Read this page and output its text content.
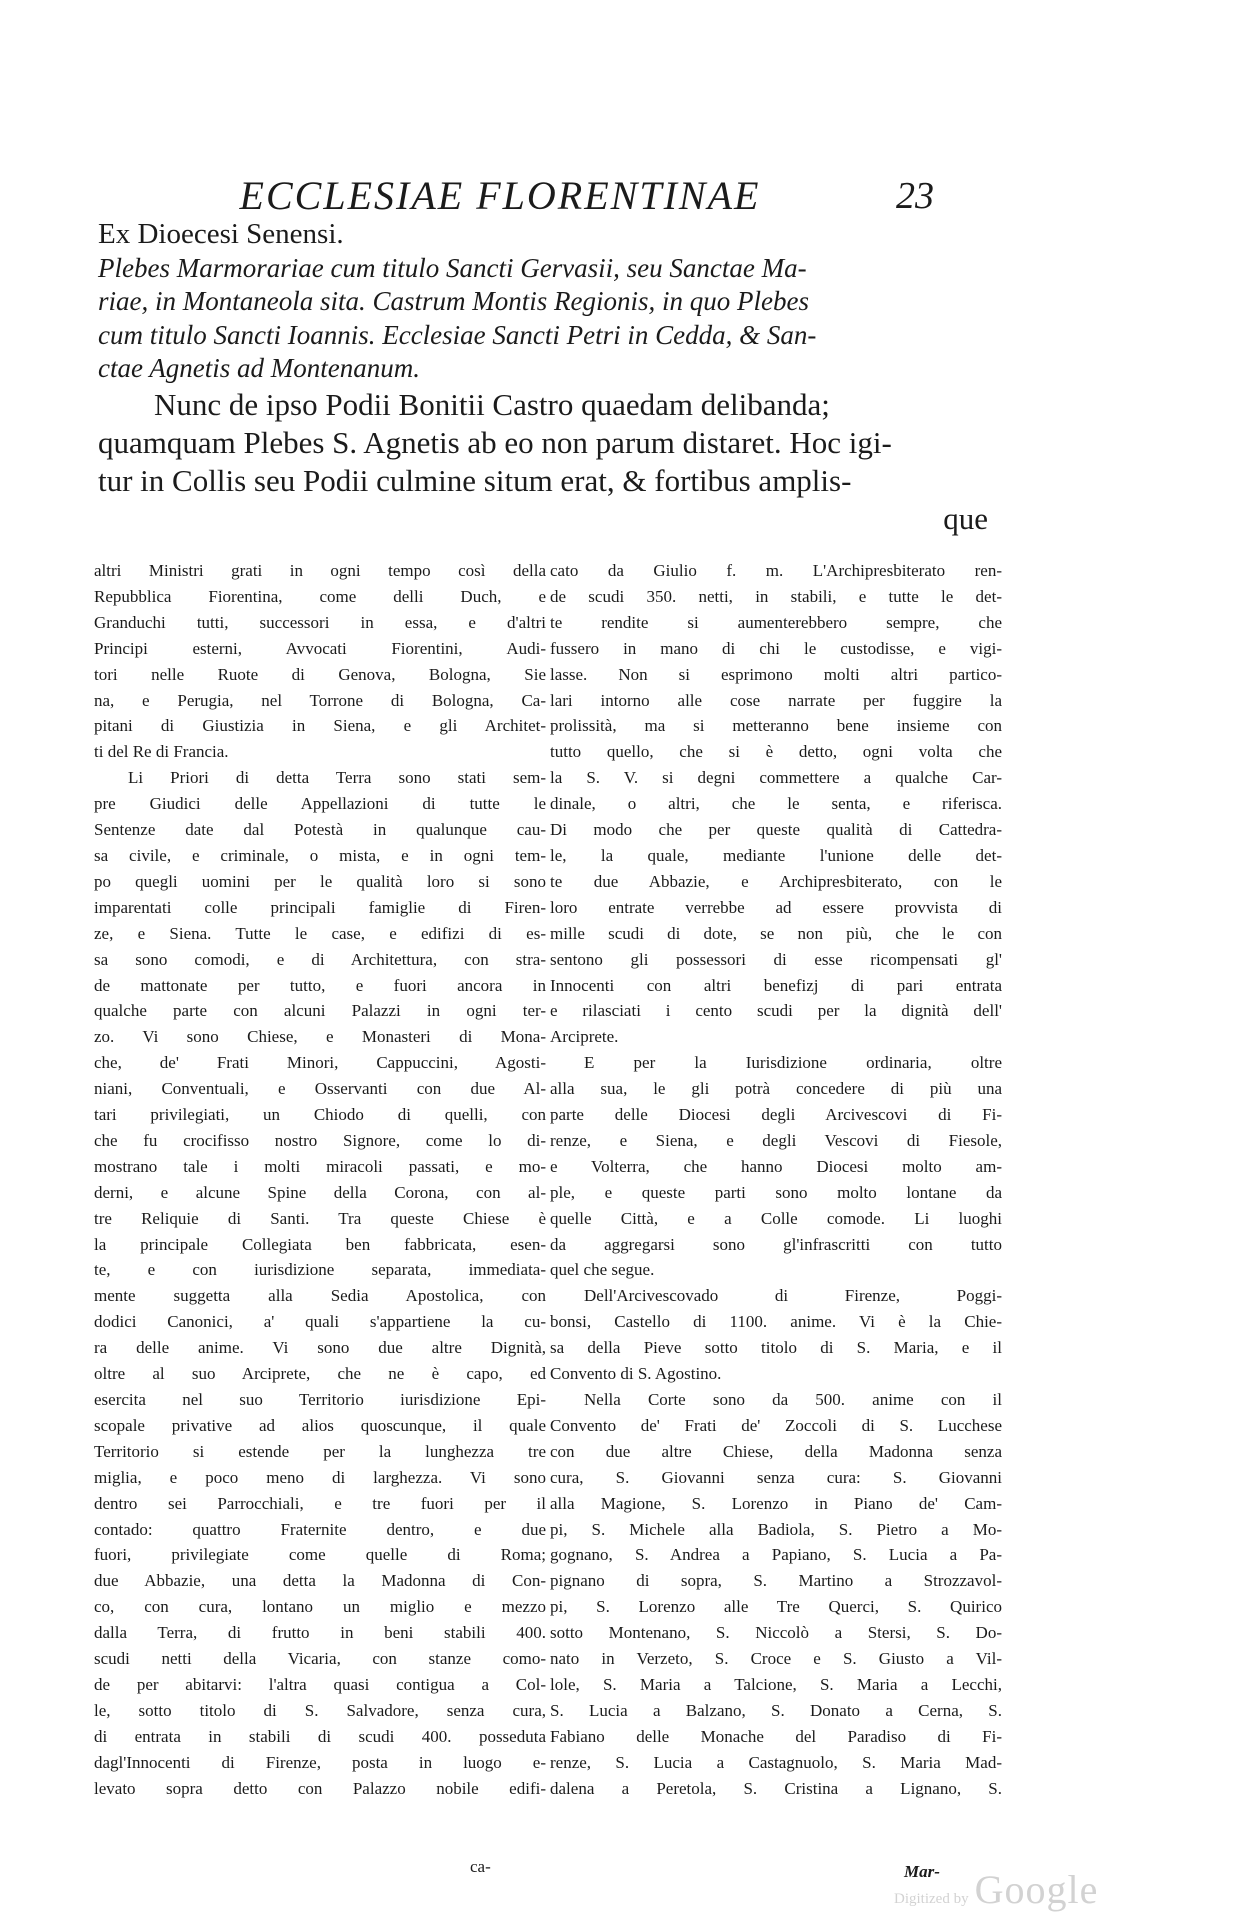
ECCLESIAE FLORENTINAE	23

Ex Dioecesi Senensi.

Plebes Marmorariae cum titulo Sancti Gervasii, seu Sanctae Ma-
riae, in Montaneola sita. Castrum Montis Regionis, in quo Plebes
cum titulo Sancti Ioannis. Ecclesiae Sancti Petri in Cedda, & San-
ctae Agnetis ad Montenanum.

Nunc de ipso Podii Bonitii Castro quaedam delibanda;
quamquam Plebes S. Agnetis ab eo non parum distaret. Hoc igi-
tur in Collis seu Podii culmine situm erat, & fortibus amplis-
que

altri Ministri grati in ogni tempo così della
Repubblica Fiorentina, come delli Duch, e
Granduchi tutti, successori in essa, e d'altri
Principi esterni, Avvocati Fiorentini, Audi-
tori nelle Ruote di Genova, Bologna, Sie
na, e Perugia, nel Torrone di Bologna, Ca-
pitani di Giustizia in Siena, e gli Architet-
ti del Re di Francia.
Li Priori di detta Terra sono stati sem-
pre Giudici delle Appellazioni di tutte le
Sentenze date dal Potestà in qualunque cau-
sa civile, e criminale, o mista, e in ogni tem-
po quegli uomini per le qualità loro si sono
imparentati colle principali famiglie di Firen-
ze, e Siena. Tutte le case, e edifizi di es-
sa sono comodi, e di Architettura, con stra-
de mattonate per tutto, e fuori ancora in
qualche parte con alcuni Palazzi in ogni ter-
zo. Vi sono Chiese, e Monasteri di Mona-
che, de' Frati Minori, Cappuccini, Agosti-
niani, Conventuali, e Osservanti con due Al-
tari privilegiati, un Chiodo di quelli, con
che fu crocifisso nostro Signore, come lo di-
mostrano tale i molti miracoli passati, e mo-
derni, e alcune Spine della Corona, con al-
tre Reliquie di Santi. Tra queste Chiese è
la principale Collegiata ben fabbricata, esen-
te, e con iurisdizione separata, immediata-
mente suggetta alla Sedia Apostolica, con
dodici Canonici, a' quali s'appartiene la cu-
ra delle anime. Vi sono due altre Dignità,
oltre al suo Arciprete, che ne è capo, ed
esercita nel suo Territorio iurisdizione Epi-
scopale privative ad alios quoscunque, il quale
Territorio si estende per la lunghezza tre
miglia, e poco meno di larghezza. Vi sono
dentro sei Parrocchiali, e tre fuori per il
contado: quattro Fraternite dentro, e due
fuori, privilegiate come quelle di Roma;
due Abbazie, una detta la Madonna di Con-
co, con cura, lontano un miglio e mezzo
dalla Terra, di frutto in beni stabili 400.
scudi netti della Vicaria, con stanze como-
de per abitarvi: l'altra quasi contigua a Col-
le, sotto titolo di S. Salvadore, senza cura,
di entrata in stabili di scudi 400. posseduta
dagl'Innocenti di Firenze, posta in luogo e-
levato sopra detto con Palazzo nobile edifi-
cato da Giulio f. m. L'Archipresbiterato ren-
de scudi 350. netti, in stabili, e tutte le det-
te rendite si aumenterebbero sempre, che
fussero in mano di chi le custodisse, e vigi-
lasse. Non si esprimono molti altri partico-
lari intorno alle cose narrate per fuggire la
prolissità, ma si metteranno bene insieme con
tutto quello, che si è detto, ogni volta che
la S. V. si degni commettere a qualche Car-
dinale, o altri, che le senta, e riferisca.
Di modo che per queste qualità di Cattedra-
le, la quale, mediante l'unione delle det-
te due Abbazie, e Archipresbiterato, con le
loro entrate verrebbe ad essere provvista di
mille scudi di dote, se non più, che le con
sentono gli possessori di esse ricompensati gl'
Innocenti con altri benefizj di pari entrata
e rilasciati i cento scudi per la dignità dell'
Arciprete.
E per la Iurisdizione ordinaria, oltre
alla sua, le gli potrà concedere di più una
parte delle Diocesi degli Arcivescovi di Fi-
renze, e Siena, e degli Vescovi di Fiesole,
e Volterra, che hanno Diocesi molto am-
ple, e queste parti sono molto lontane da
quelle Città, e a Colle comode. Li luoghi
da aggregarsi sono gl'infrascritti con tutto
quel che segue.
Dell'Arcivescovado di Firenze, Poggi-
bonsi, Castello di 1100. anime. Vi è la Chie-
sa della Pieve sotto titolo di S. Maria, e il
Convento di S. Agostino.
Nella Corte sono da 500. anime con il
Convento de' Frati de' Zoccoli di S. Lucchese
con due altre Chiese, della Madonna senza
cura, S. Giovanni senza cura: S. Giovanni
alla Magione, S. Lorenzo in Piano de' Cam-
pi, S. Michele alla Badiola, S. Pietro a Mo-
gognano, S. Andrea a Papiano, S. Lucia a Pa-
pignano di sopra, S. Martino a Strozzavol-
pi, S. Lorenzo alle Tre Querci, S. Quirico
sotto Montenano, S. Niccolò a Stersi, S. Do-
nato in Verzeto, S. Croce e S. Giusto a Vil-
lole, S. Maria a Talcione, S. Maria a Lecchi,
S. Lucia a Balzano, S. Donato a Cerna, S.
Fabiano delle Monache del Paradiso di Fi-
renze, S. Lucia a Castagnuolo, S. Maria Mad-
dalena a Peretola, S. Cristina a Lignano, S.
ca-	Mar-
Digitized by Google
